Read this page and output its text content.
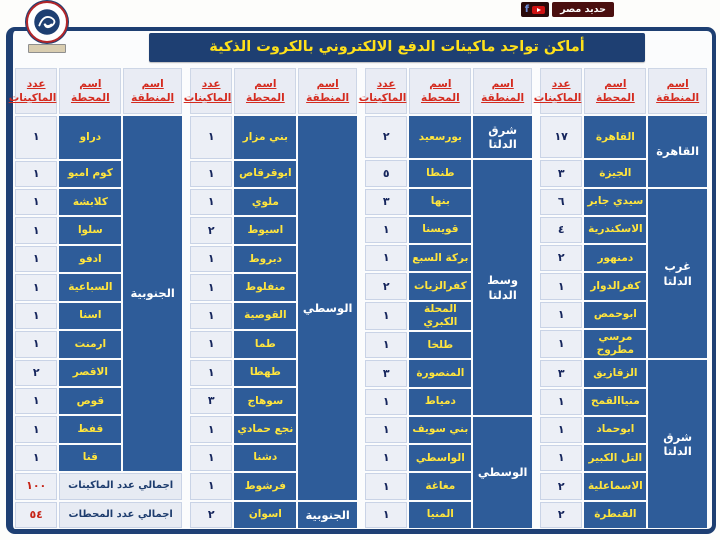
f	حديد مصر
أماكن تواجد ماكينات الدفع الالكتروني بالكروت الذكية
اسم المنطقة	اسم المحطة	عدد الماكينات
القاهرة	القاهرة	١٧
	الجيزة	٣
غرب الدلتا	سيدي جابر	٦
	الاسكندرية	٤
	دمنهور	٢
	كفرالدوار	١
	ابوحمص	١
	مرسي مطروح	١
شرق الدلتا	الزقازيق	٣
	منياالقمح	١
	ابوحماد	١
	التل الكبير	١
	الاسماعلية	٢
	القنطرة	٢
اسم المنطقة	اسم المحطة	عدد الماكينات
شرق الدلتا	بورسعيد	٢
وسط الدلتا	طنطا	٥
	بنها	٣
	قويسنا	١
	بركة السبع	١
	كفرالزيات	٢
	المحلة الكبري	١
	طلخا	١
	المنصورة	٣
	دمياط	١
الوسطي	بني سويف	١
	الواسطي	١
	مغاغة	١
	المنيا	١
اسم المنطقة	اسم المحطة	عدد الماكينات
الوسطي	بني مزار	١
	ابوقرقاص	١
	ملوي	١
	اسيوط	٢
	ديروط	١
	منفلوط	١
	القوصية	١
	طما	١
	طهطا	١
	سوهاج	٣
	نجع حمادي	١
	دشنا	١
	فرشوط	١
الجنوبية	اسوان	٢
اسم المنطقة	اسم المحطة	عدد الماكينات
الجنوبية	دراو	١
	كوم امبو	١
	كلابشة	١
	سلوا	١
	ادفو	١
	السباعية	١
	اسنا	١
	ارمنت	١
	الاقصر	٢
	قوص	١
	قفط	١
	قنا	١
اجمالي عدد الماكينات		١٠٠
اجمالي عدد المحطات		٥٤
